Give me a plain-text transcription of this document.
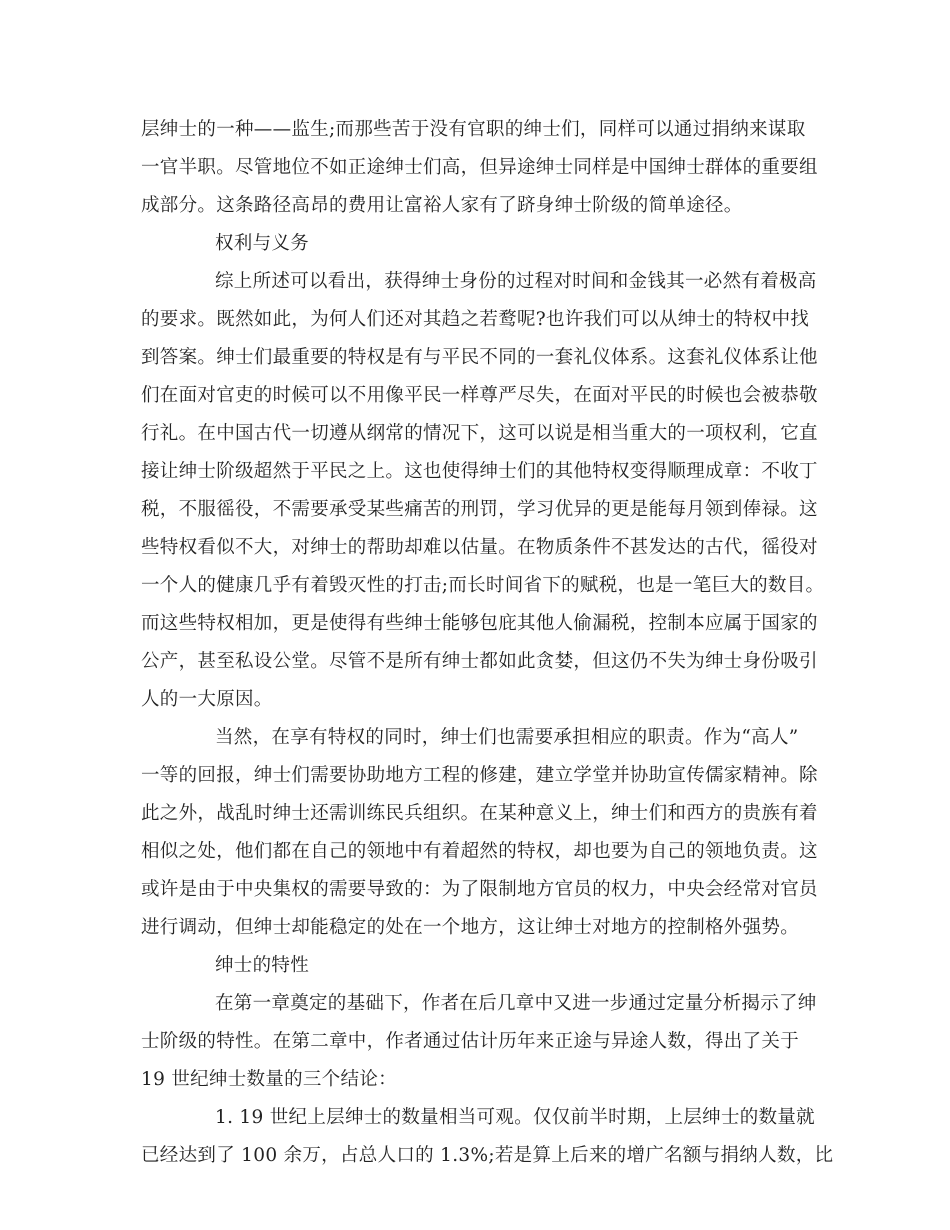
层绅士的一种——监生;而那些苦于没有官职的绅士们，同样可以通过捐纳来谋取

一官半职。尽管地位不如正途绅士们高，但异途绅士同样是中国绅士群体的重要组

成部分。这条路径高昂的费用让富裕人家有了跻身绅士阶级的简单途径。

权利与义务

综上所述可以看出，获得绅士身份的过程对时间和金钱其一必然有着极高

的要求。既然如此，为何人们还对其趋之若鹜呢?也许我们可以从绅士的特权中找

到答案。绅士们最重要的特权是有与平民不同的一套礼仪体系。这套礼仪体系让他

们在面对官吏的时候可以不用像平民一样尊严尽失，在面对平民的时候也会被恭敬

行礼。在中国古代一切遵从纲常的情况下，这可以说是相当重大的一项权利，它直

接让绅士阶级超然于平民之上。这也使得绅士们的其他特权变得顺理成章：不收丁

税，不服徭役，不需要承受某些痛苦的刑罚，学习优异的更是能每月领到俸禄。这

些特权看似不大，对绅士的帮助却难以估量。在物质条件不甚发达的古代，徭役对

一个人的健康几乎有着毁灭性的打击;而长时间省下的赋税，也是一笔巨大的数目。

而这些特权相加，更是使得有些绅士能够包庇其他人偷漏税，控制本应属于国家的

公产，甚至私设公堂。尽管不是所有绅士都如此贪婪，但这仍不失为绅士身份吸引

人的一大原因。

当然，在享有特权的同时，绅士们也需要承担相应的职责。作为“高人”

一等的回报，绅士们需要协助地方工程的修建，建立学堂并协助宣传儒家精神。除

此之外，战乱时绅士还需训练民兵组织。在某种意义上，绅士们和西方的贵族有着

相似之处，他们都在自己的领地中有着超然的特权，却也要为自己的领地负责。这

或许是由于中央集权的需要导致的：为了限制地方官员的权力，中央会经常对官员

进行调动，但绅士却能稳定的处在一个地方，这让绅士对地方的控制格外强势。

绅士的特性

在第一章奠定的基础下，作者在后几章中又进一步通过定量分析揭示了绅

士阶级的特性。在第二章中，作者通过估计历年来正途与异途人数，得出了关于

19 世纪绅士数量的三个结论：

1. 19 世纪上层绅士的数量相当可观。仅仅前半时期，上层绅士的数量就

已经达到了 100 余万，占总人口的 1.3%;若是算上后来的增广名额与捐纳人数，比
